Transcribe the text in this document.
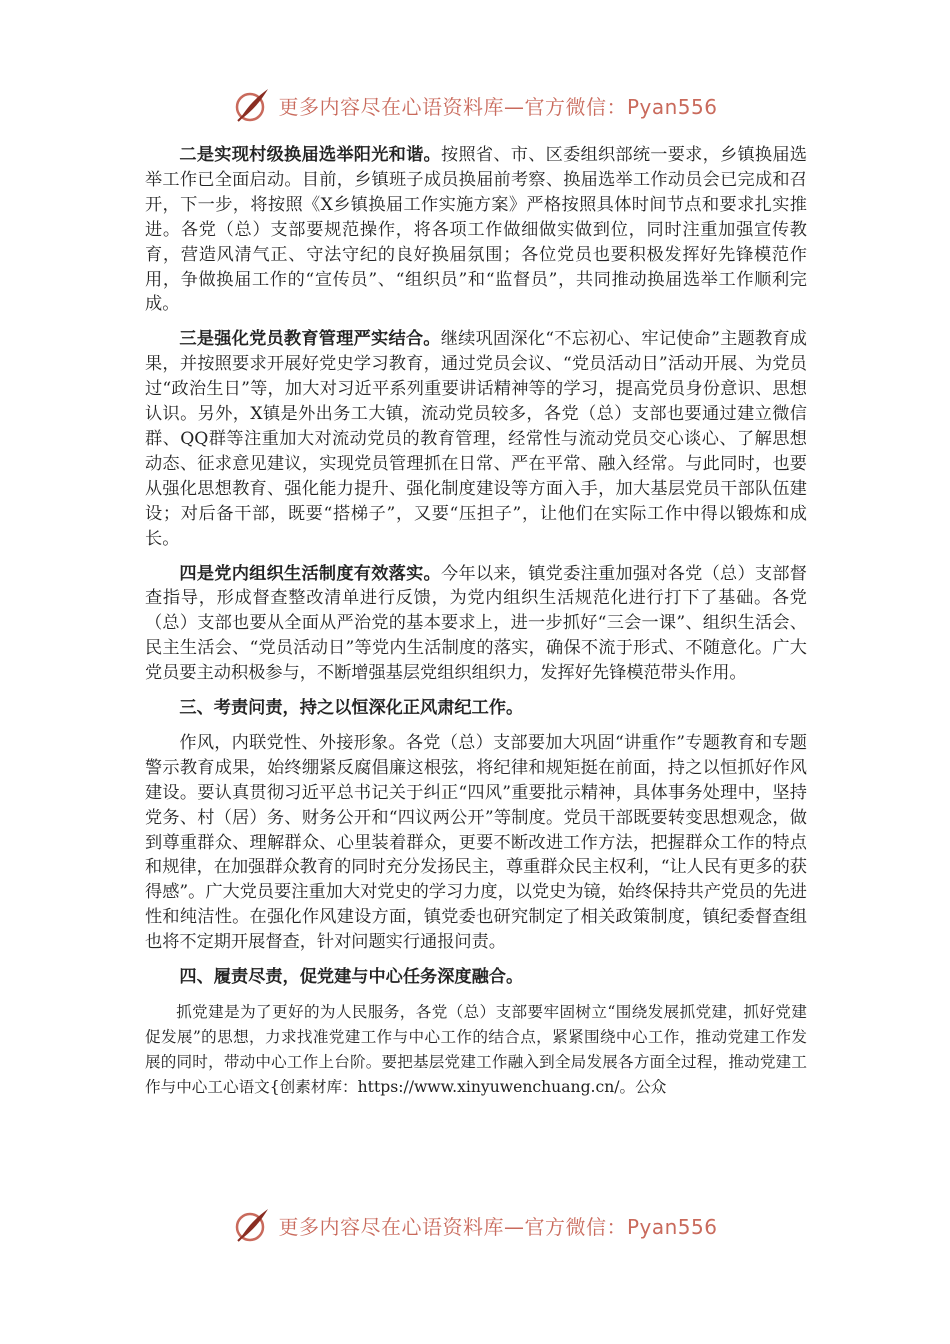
更多内容尽在心语资料库—官方微信：Pyan556

二是实现村级换届选举阳光和谐。按照省、市、区委组织部统一要求，乡镇换届选举工作已全面启动。目前，乡镇班子成员换届前考察、换届选举工作动员会已完成和召开，下一步，将按照《X乡镇换届工作实施方案》严格按照具体时间节点和要求扎实推进。各党（总）支部要规范操作，将各项工作做细做实做到位，同时注重加强宣传教育，营造风清气正、守法守纪的良好换届氛围；各位党员也要积极发挥好先锋模范作用，争做换届工作的“宣传员”、“组织员”和“监督员”，共同推动换届选举工作顺利完成。

三是强化党员教育管理严实结合。继续巩固深化“不忘初心、牢记使命”主题教育成果，并按照要求开展好党史学习教育，通过党员会议、“党员活动日”活动开展、为党员过“政治生日”等，加大对习近平系列重要讲话精神等的学习，提高党员身份意识、思想认识。另外，X镇是外出务工大镇，流动党员较多，各党（总）支部也要通过建立微信群、QQ群等注重加大对流动党员的教育管理，经常性与流动党员交心谈心、了解思想动态、征求意见建议，实现党员管理抓在日常、严在平常、融入经常。与此同时，也要从强化思想教育、强化能力提升、强化制度建设等方面入手，加大基层党员干部队伍建设；对后备干部，既要“搭梯子”，又要“压担子”，让他们在实际工作中得以锻炼和成长。

四是党内组织生活制度有效落实。今年以来，镇党委注重加强对各党（总）支部督查指导，形成督查整改清单进行反馈，为党内组织生活规范化进行打下了基础。各党（总）支部也要从全面从严治党的基本要求上，进一步抓好“三会一课”、组织生活会、民主生活会、“党员活动日”等党内生活制度的落实，确保不流于形式、不随意化。广大党员要主动积极参与，不断增强基层党组织组织力，发挥好先锋模范带头作用。

三、考责问责，持之以恒深化正风肃纪工作。

作风，内联党性、外接形象。各党（总）支部要加大巩固“讲重作”专题教育和专题警示教育成果，始终绷紧反腐倡廉这根弦，将纪律和规矩挺在前面，持之以恒抓好作风建设。要认真贯彻习近平总书记关于纠正“四风”重要批示精神，具体事务处理中，坚持党务、村（居）务、财务公开和“四议两公开”等制度。党员干部既要转变思想观念，做到尊重群众、理解群众、心里装着群众，更要不断改进工作方法，把握群众工作的特点和规律，在加强群众教育的同时充分发扬民主，尊重群众民主权利，“让人民有更多的获得感”。广大党员要注重加大对党史的学习力度，以党史为镜，始终保持共产党员的先进性和纯洁性。在强化作风建设方面，镇党委也研究制定了相关政策制度，镇纪委督查组也将不定期开展督查，针对问题实行通报问责。

四、履责尽责，促党建与中心任务深度融合。

抓党建是为了更好的为人民服务，各党（总）支部要牢固树立“围绕发展抓党建，抓好党建促发展”的思想，力求找准党建工作与中心工作的结合点，紧紧围绕中心工作，推动党建工作发展的同时，带动中心工作上台阶。要把基层党建工作融入到全局发展各方面全过程，推动党建工作与中心工心语文{创素材库：https://www.xinyuwenchuang.cn/。公众

更多内容尽在心语资料库—官方微信：Pyan556
